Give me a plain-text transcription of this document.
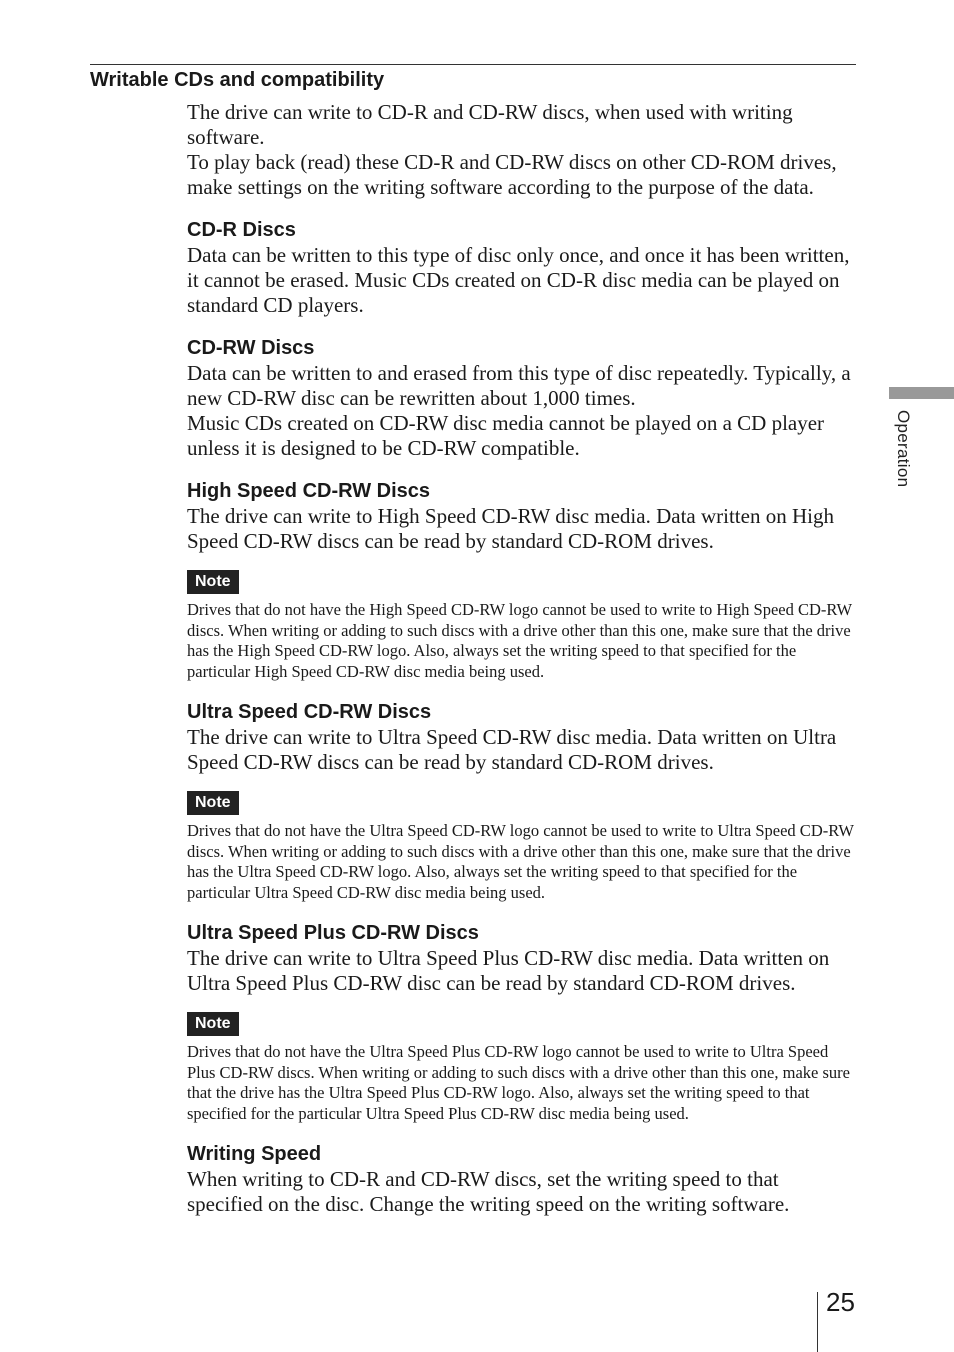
Writable CDs and compatibility

The drive can write to CD-R and CD-RW discs, when used with writing software.

To play back (read) these CD-R and CD-RW discs on other CD-ROM drives, make settings on the writing software according to the purpose of the data.

CD-R Discs

Data can be written to this type of disc only once, and once it has been written, it cannot be erased. Music CDs created on CD-R disc media can be played on standard CD players.

CD-RW Discs

Data can be written to and erased from this type of disc repeatedly. Typically, a new CD-RW disc can be rewritten about 1,000 times.

Music CDs created on CD-RW disc media cannot be played on a CD player unless it is designed to be CD-RW compatible.

High Speed CD-RW Discs

The drive can write to High Speed CD-RW disc media. Data written on High Speed CD-RW discs can be read by standard CD-ROM drives.

Note

Drives that do not have the High Speed CD-RW logo cannot be used to write to High Speed CD-RW discs. When writing or adding to such discs with a drive other than this one, make sure that the drive has the High Speed CD-RW logo. Also, always set the writing speed to that specified for the particular High Speed CD-RW disc media being used.

Ultra Speed CD-RW Discs

The drive can write to Ultra Speed CD-RW disc media. Data written on Ultra Speed CD-RW discs can be read by standard CD-ROM drives.

Note

Drives that do not have the Ultra Speed CD-RW logo cannot be used to write to Ultra Speed CD-RW discs. When writing or adding to such discs with a drive other than this one, make sure that the drive has the Ultra Speed CD-RW logo. Also, always set the writing speed to that specified for the particular Ultra Speed CD-RW disc media being used.

Ultra Speed Plus CD-RW Discs

The drive can write to Ultra Speed Plus CD-RW disc media. Data written on Ultra Speed Plus CD-RW disc can be read by standard CD-ROM drives.

Note

Drives that do not have the Ultra Speed Plus CD-RW logo cannot be used to write to Ultra Speed Plus CD-RW discs. When writing or adding to such discs with a drive other than this one, make sure that the drive has the Ultra Speed Plus CD-RW logo. Also, always set the writing speed to that specified for the particular Ultra Speed Plus CD-RW disc media being used.

Writing Speed

When writing to CD-R and CD-RW discs, set the writing speed to that specified on the disc. Change the writing speed on the writing software.

Operation
25
